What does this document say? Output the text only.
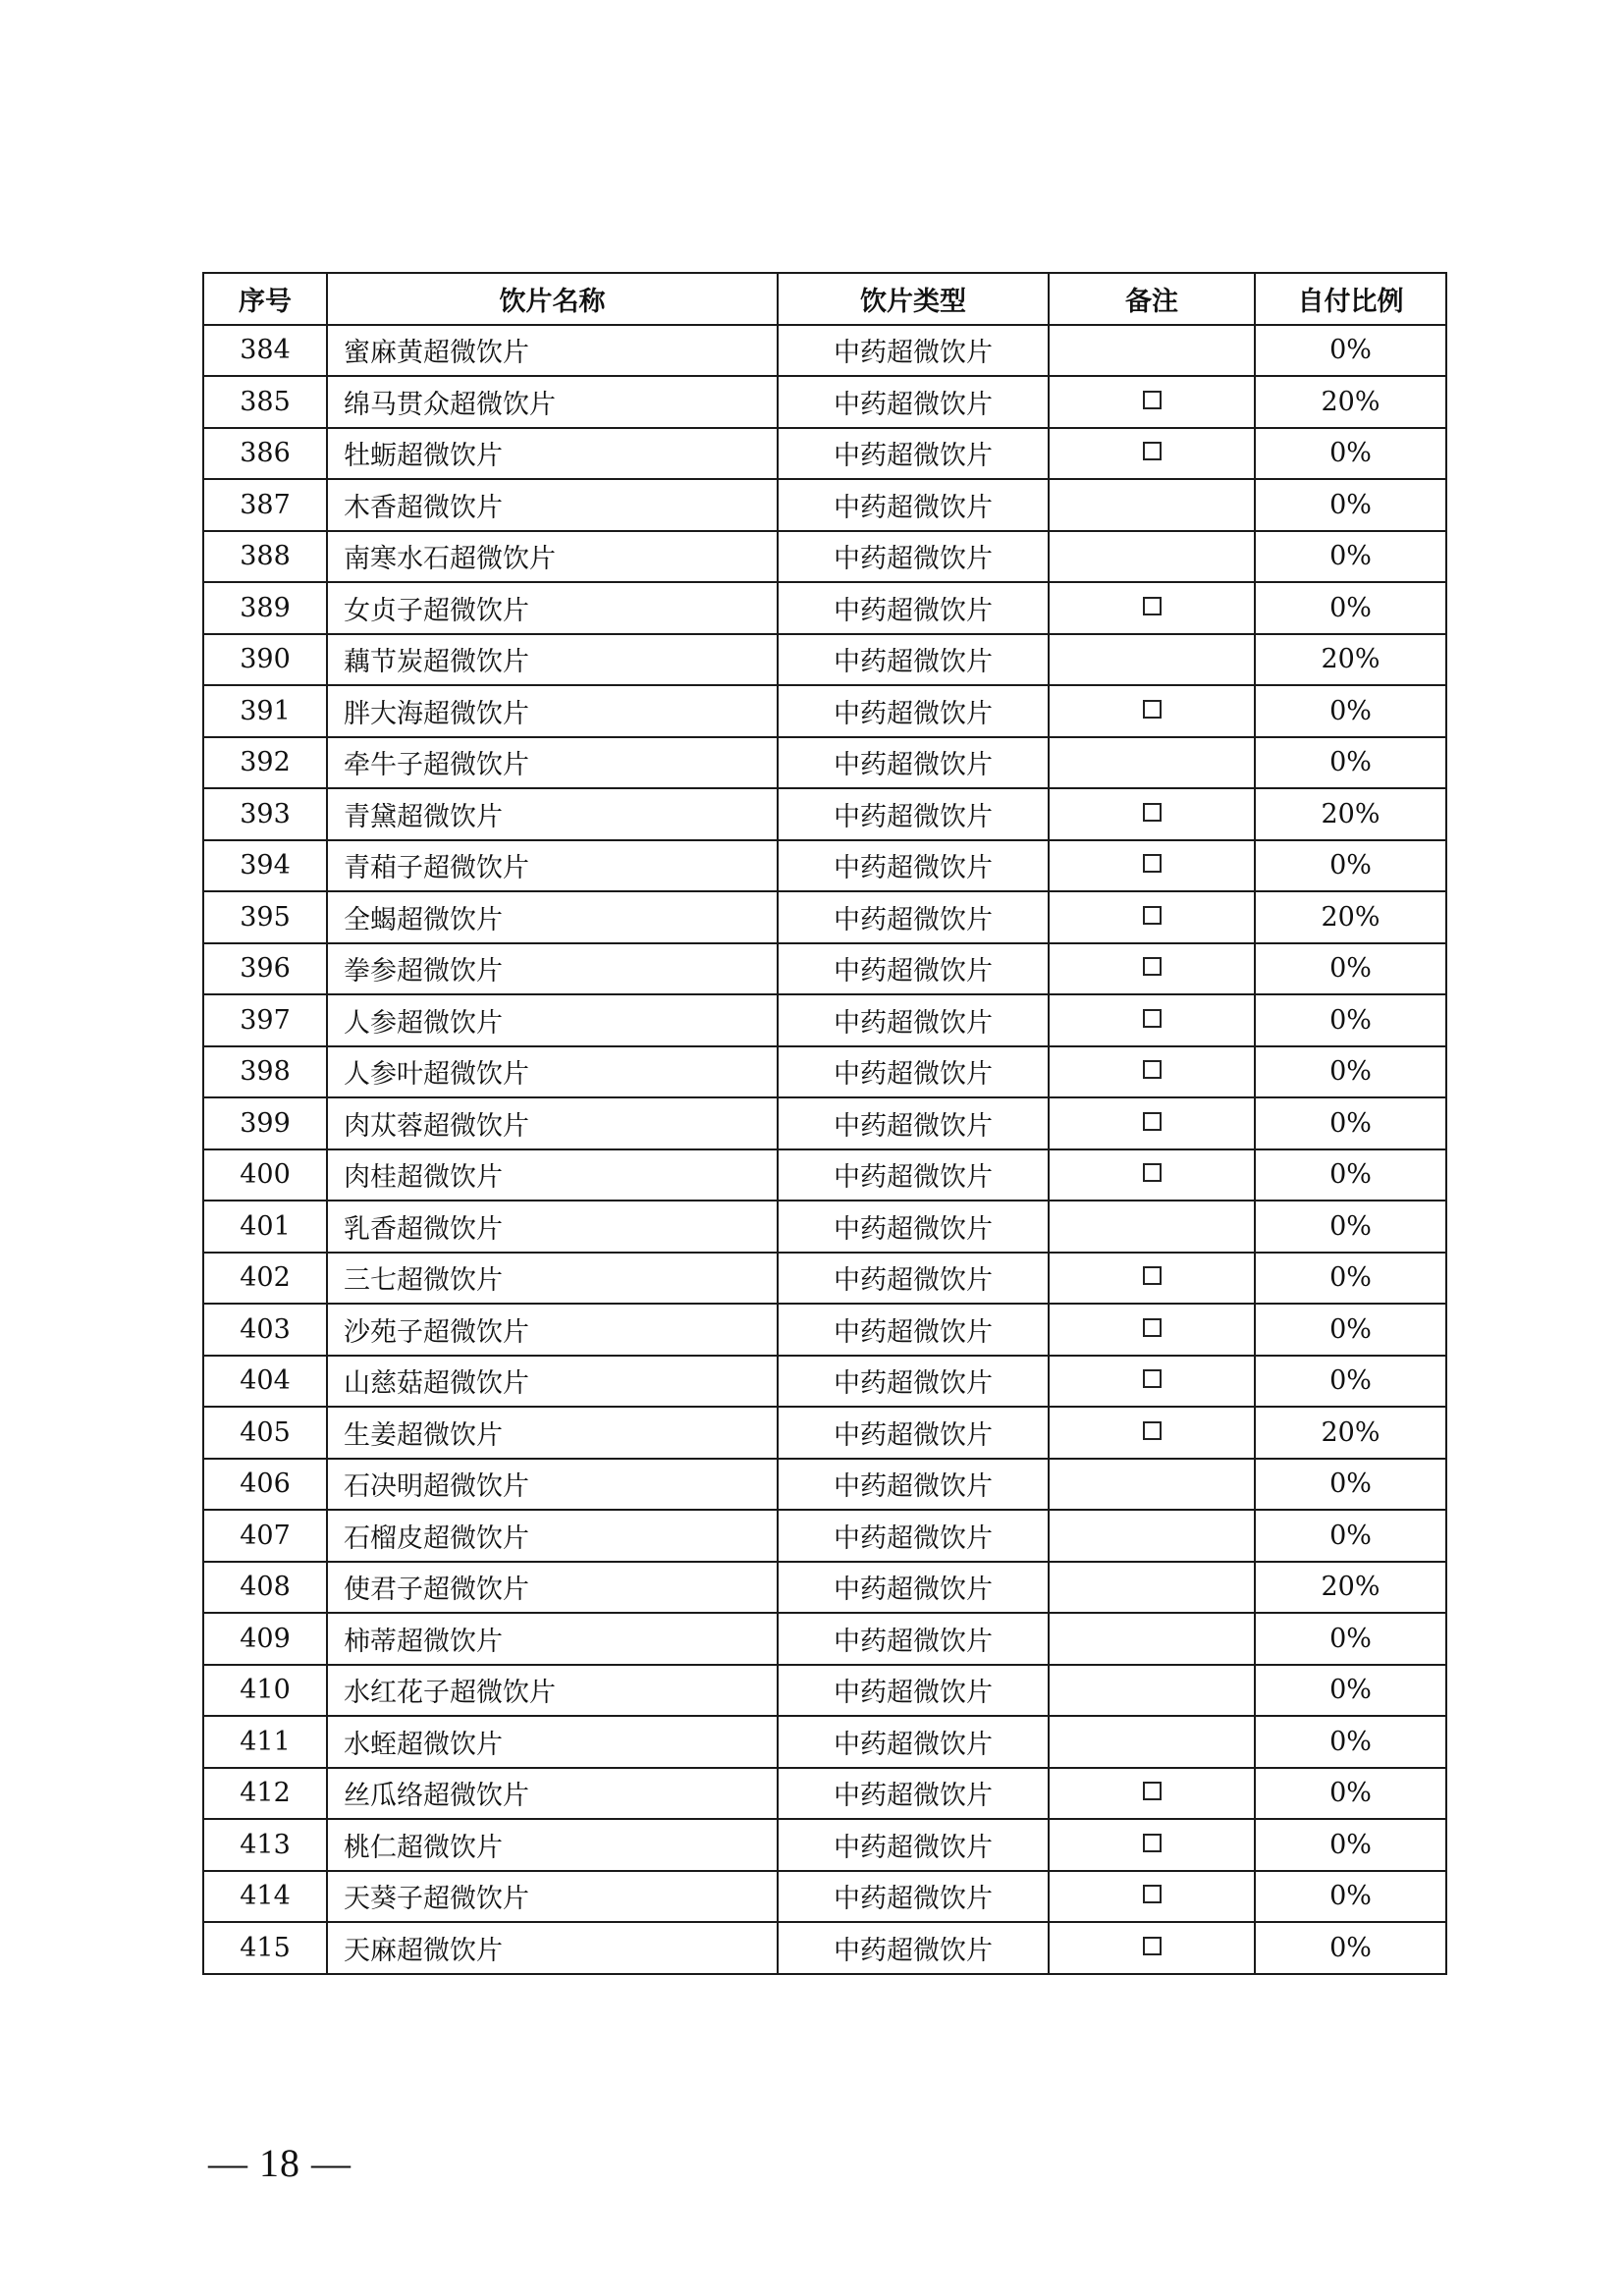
序号	饮片名称	饮片类型	备注	自付比例
384	蜜麻黄超微饮片	中药超微饮片		0%
385	绵马贯众超微饮片	中药超微饮片		20%
386	牡蛎超微饮片	中药超微饮片		0%
387	木香超微饮片	中药超微饮片		0%
388	南寒水石超微饮片	中药超微饮片		0%
389	女贞子超微饮片	中药超微饮片		0%
390	藕节炭超微饮片	中药超微饮片		20%
391	胖大海超微饮片	中药超微饮片		0%
392	牵牛子超微饮片	中药超微饮片		0%
393	青黛超微饮片	中药超微饮片		20%
394	青葙子超微饮片	中药超微饮片		0%
395	全蝎超微饮片	中药超微饮片		20%
396	拳参超微饮片	中药超微饮片		0%
397	人参超微饮片	中药超微饮片		0%
398	人参叶超微饮片	中药超微饮片		0%
399	肉苁蓉超微饮片	中药超微饮片		0%
400	肉桂超微饮片	中药超微饮片		0%
401	乳香超微饮片	中药超微饮片		0%
402	三七超微饮片	中药超微饮片		0%
403	沙苑子超微饮片	中药超微饮片		0%
404	山慈菇超微饮片	中药超微饮片		0%
405	生姜超微饮片	中药超微饮片		20%
406	石决明超微饮片	中药超微饮片		0%
407	石榴皮超微饮片	中药超微饮片		0%
408	使君子超微饮片	中药超微饮片		20%
409	柿蒂超微饮片	中药超微饮片		0%
410	水红花子超微饮片	中药超微饮片		0%
411	水蛭超微饮片	中药超微饮片		0%
412	丝瓜络超微饮片	中药超微饮片		0%
413	桃仁超微饮片	中药超微饮片		0%
414	天葵子超微饮片	中药超微饮片		0%
415	天麻超微饮片	中药超微饮片		0%
— 18 —
